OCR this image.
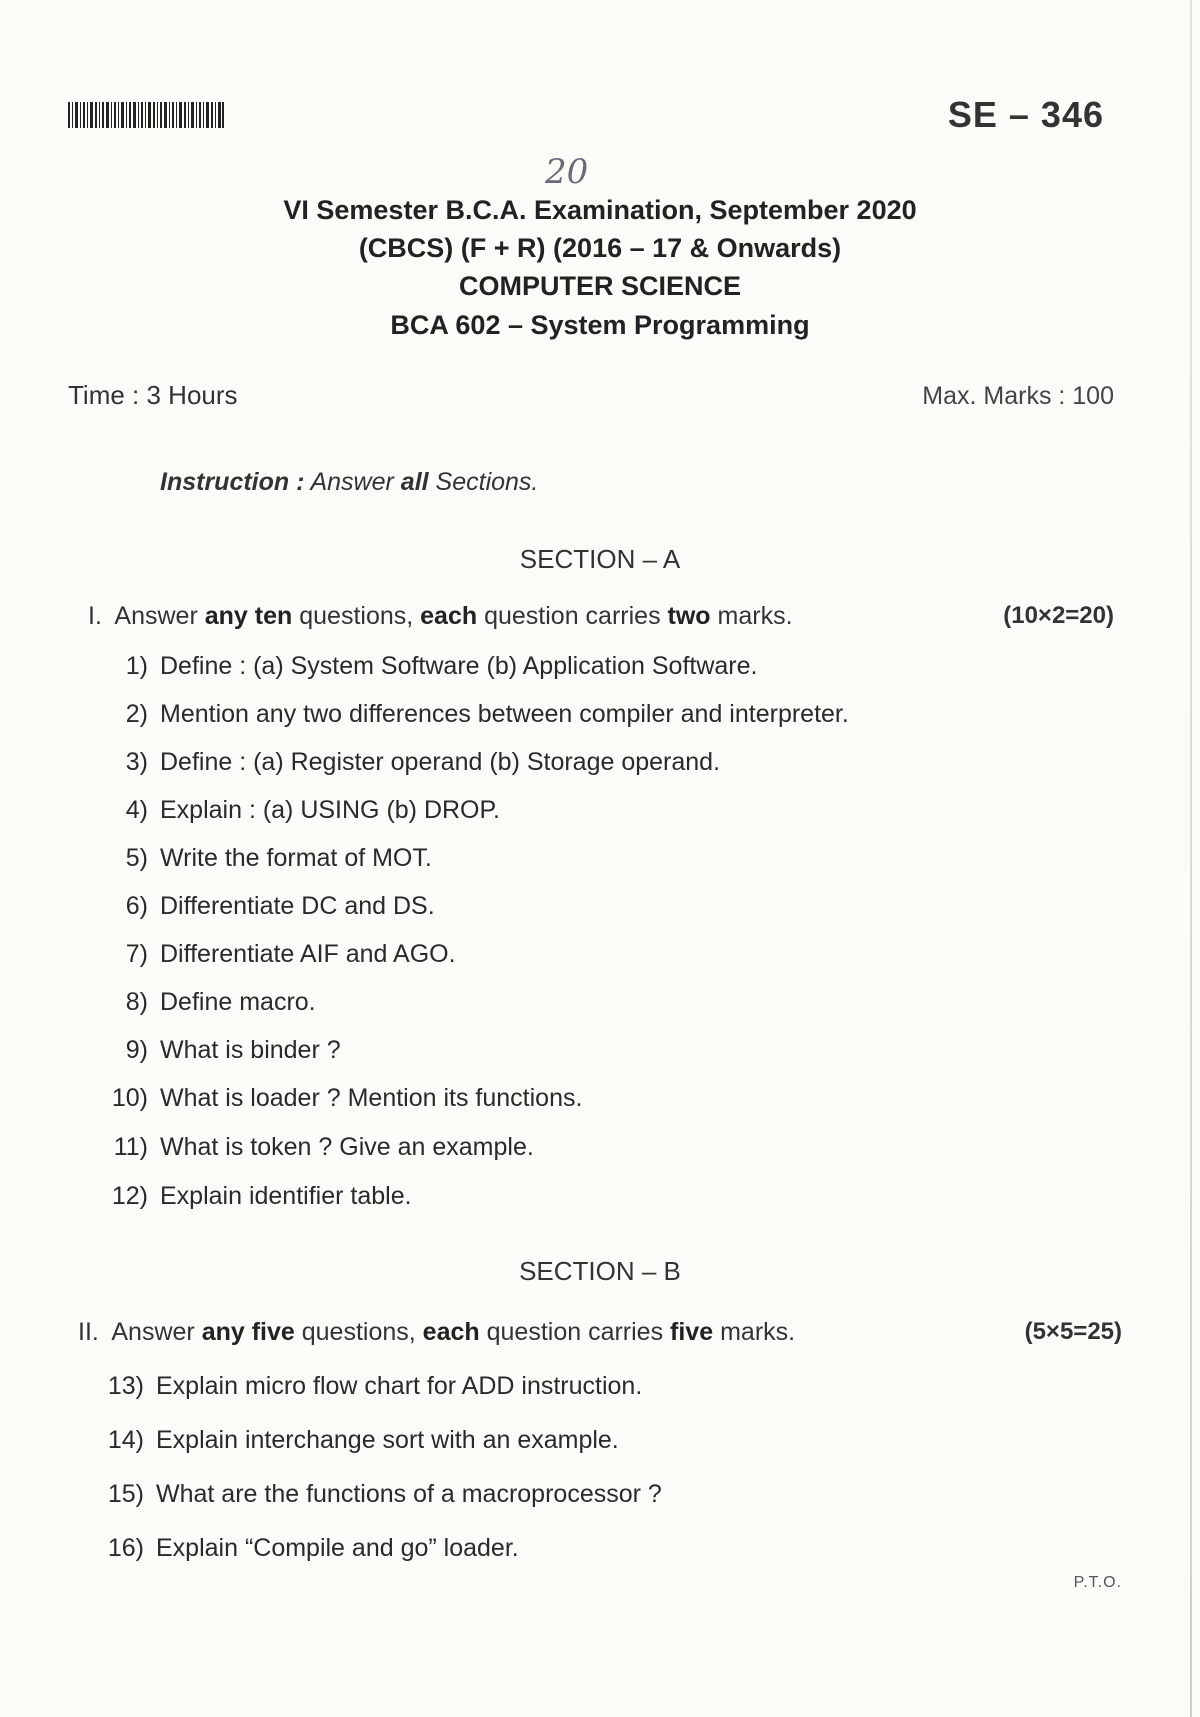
SE – 346
20
VI Semester B.C.A. Examination, September 2020
(CBCS) (F + R) (2016 – 17 & Onwards)
COMPUTER SCIENCE
BCA 602 – System Programming
Time : 3 Hours	Max. Marks : 100
Instruction : Answer all Sections.
SECTION – A
I. Answer any ten questions, each question carries two marks.	(10×2=20)
1) Define : (a) System Software (b) Application Software.
2) Mention any two differences between compiler and interpreter.
3) Define : (a) Register operand (b) Storage operand.
4) Explain : (a) USING (b) DROP.
5) Write the format of MOT.
6) Differentiate DC and DS.
7) Differentiate AIF and AGO.
8) Define macro.
9) What is binder ?
10) What is loader ? Mention its functions.
11) What is token ? Give an example.
12) Explain identifier table.
SECTION – B
II. Answer any five questions, each question carries five marks.	(5×5=25)
13) Explain micro flow chart for ADD instruction.
14) Explain interchange sort with an example.
15) What are the functions of a macroprocessor ?
16) Explain “Compile and go” loader.
P.T.O.
